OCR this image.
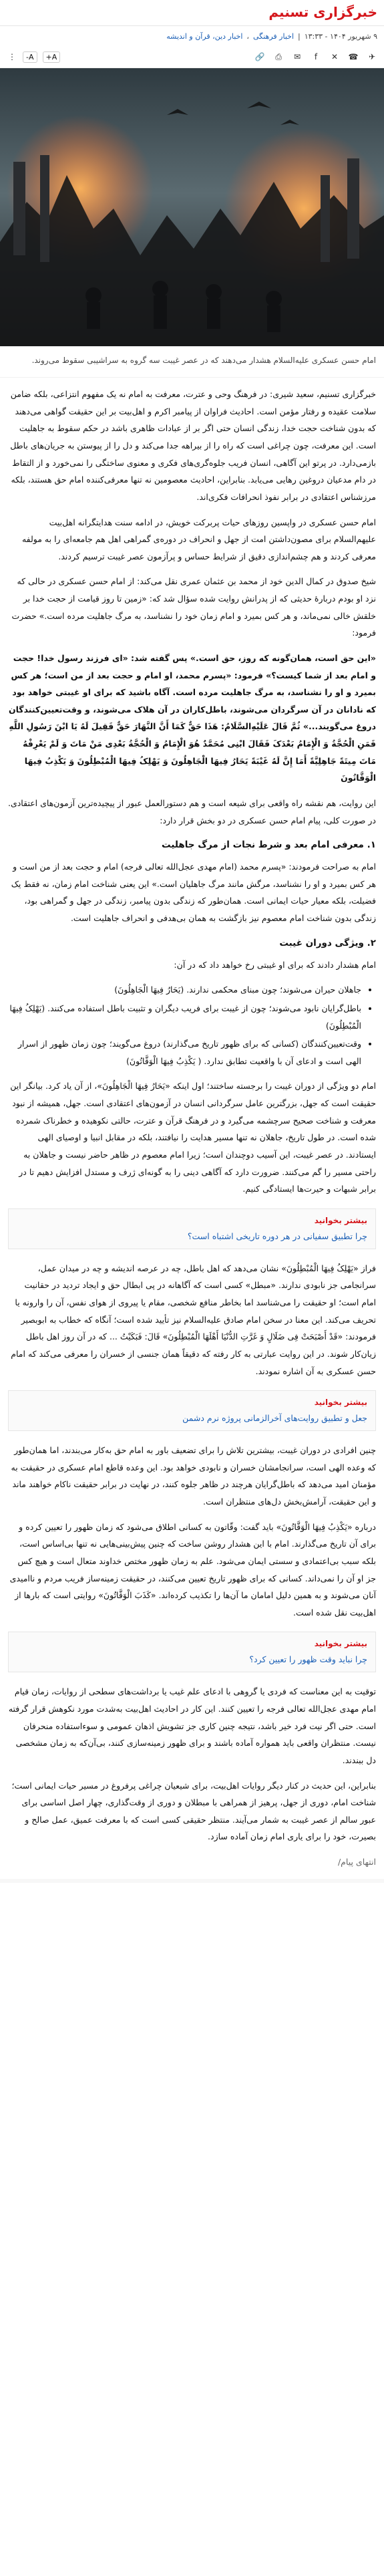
خبرگزاری تسنیم
۹ شهریور ۱۴۰۴ - ۱۳:۳۳
|
اخبار فرهنگی
،
اخبار دین، قرآن و اندیشه
✈
☎
✕
f
✉
⎙
🔗
A+
A-
⋮
امام حسن عسکری علیه‌السلام هشدار می‌دهند که در عصر غیبت سه گروه به سراشیبی سقوط می‌روند.

خبرگزاری تسنیم، سعید شیری: در فرهنگ وحی و عترت، معرفت به امام نه یک مفهوم انتزاعی، بلکه ضامن سلامت عقیده و رفتار مؤمن است. احادیث فراوان از پیامبر اکرم و اهل‌بیت بر این حقیقت گواهی می‌دهند که بدون شناخت حجت خدا، زندگی انسان حتی اگر بر از عبادات ظاهری باشد در حکم سقوط به جاهلیت است. این معرفت، چون چراغی است که راه را از بیراهه جدا می‌کند و دل را از پیوستن به جریان‌های باطل بازمی‌دارد. در پرتو این آگاهی، انسان فریب جلوه‌گری‌های فکری و معنوی ساختگی را نمی‌خورد و از التقاط در دام مدعیان دروغین رهایی می‌یابد. بنابراین، احادیث معصومین نه تنها معرفی‌کننده امام حق هستند، بلکه مرزشناس اعتقادی در برابر نفوذ انحرافات فکری‌اند.

امام حسن عسکری در واپسین روزهای حیات پربرکت خویش، در ادامه سنت هدایتگرانه اهل‌بیت علیهم‌السلام برای مصون‌داشتن امت از جهل و انحراف در دوره‌ی گمراهی اهل هم جامعه‌ای را به مولفه معرفی کردند و هم چشم‌اندازی دقیق از شرایط حساس و پرآزمون عصر غیبت ترسیم کردند.

شیخ صدوق در کمال الدین خود از محمد بن عثمان عمری نقل می‌کند: از امام حسن عسکری در حالی که نزد او بودم دربارهٔ حدیثی که از پدرانش روایت شده سؤال شد که: «زمین تا روز قیامت از حجت خدا بر خلقش خالی نمی‌ماند، و هر کس بمیرد و امام زمان خود را نشناسد، به مرگ جاهلیت مرده است.» حضرت فرمود:

«این حق است، همان‌گونه که روز، حق است.» پس گفته شد: «ای فرزند رسول خدا! حجت و امام بعد از شما کیست؟» فرمود: «پسرم محمد، او امام و حجت بعد از من است؛ هر کس بمیرد و او را نشناسد، به مرگ جاهلیت مرده است. آگاه باشید که برای او غیبتی خواهد بود که نادانان در آن سرگردان می‌شوند، باطل‌کاران در آن هلاک می‌شوند، و وقت‌تعیین‌کنندگان دروغ می‌گویند...» ثُمَّ قَالَ عَلَیْهِ‌السَّلَامُ: هَذَا حَقٌّ کَمَا أَنَّ النَّهَارَ حَقٌّ فَقِیلَ لَهُ یَا ابْنَ رَسُولِ اللَّهِ فَمَنِ الْحُجَّةُ وَ الْإِمَامُ بَعْدَکَ فَقَالَ ابْنِی مُحَمَّدٌ هُوَ الْإِمَامُ وَ الْحُجَّةُ بَعْدِی مَنْ مَاتَ وَ لَمْ یَعْرِفْهُ مَاتَ مِیتَةً جَاهِلِیَّةً أَمَا إِنَّ لَهُ غَیْبَةً یَحَارُ فِیهَا الْجَاهِلُونَ وَ یَهْلِکُ فِیهَا الْمُبْطِلُونَ وَ یَکْذِبُ فِیهَا الْوَقَّاتُونَ

این روایت، هم نقشه راه واقعی برای شیعه است و هم دستورالعمل عبور از پیچیده‌ترین آزمون‌های اعتقادی. در صورت کلی، پیام امام حسن عسکری در دو بخش قرار دارد:

۱. معرفی امام بعد و شرط نجات از مرگ جاهلیت

امام به صراحت فرمودند: «پسرم محمد (امام مهدی عجل‌الله تعالی فرجه) امام و حجت بعد از من است و هر کس بمیرد و او را نشناسد، مرگش مانند مرگ جاهلیان است.» این یعنی شناخت امام زمان، نه فقط یک فضیلت، بلکه معیار حیات ایمانی است. همان‌طور که زندگی بدون پیامبر، زندگی در جهل و گمراهی بود، زندگی بدون شناخت امام معصوم نیز بازگشت به همان بی‌هدفی و انحراف جاهلیت است.

۲. ویژگی دوران غیبت

امام هشدار دادند که برای او غیبتی رخ خواهد داد که در آن:

• جاهلان حیران می‌شوند؛ چون مبنای محکمی ندارند. (یَحَارُ فِیهَا الْجَاهِلُونَ)
• باطل‌گرایان نابود می‌شوند؛ چون از غیبت برای فریب دیگران و تثبیت باطل استفاده می‌کنند. (یَهْلِکُ فِیهَا الْمُبْطِلُونَ)
• وقت‌تعیین‌کنندگان (کسانی که برای ظهور تاریخ می‌گذارند) دروغ می‌گویند؛ چون زمان ظهور از اسرار الهی است و ادعای آن با واقعیت تطابق ندارد. ( یَکْذِبُ فِیهَا الْوَقَّاتُونَ)

امام دو ویژگی از دوران غیبت را برجسته ساختند؛ اول اینکه «یَحَارُ فِیهَا الْجَاهِلُونَ»، از آن یاد کرد. بیانگر این حقیقت است که جهل، بزرگترین عامل سرگردانی انسان در آزمون‌های اعتقادی است. جهل، همیشه از نبود معرفت و شناخت صحیح سرچشمه می‌گیرد و در فرهنگ قرآن و عترت، حالتی نکوهیده و خطرناک شمرده شده است. در طول تاریخ، جاهلان نه تنها مسیر هدایت را نیافتند، بلکه در مقابل انبیا و اوصیای الهی ایستادند. در عصر غیبت، این آسیب دوچندان است؛ زیرا امام معصوم در ظاهر حاضر نیست و جاهلان به راحتی مسیر را گم می‌کنند. ضرورت دارد که آگاهی دینی را به گونه‌ای ژرف و مستدل افزایش دهیم تا در برابر شبهات و حیرت‌ها ایستادگی کنیم.

بیشتر بخوانید
چرا تطبیق سفیانی در هر دوره تاریخی اشتباه است؟

فراز «یَهْلِکُ فِیهَا الْمُبْطِلُونَ» نشان می‌دهد که اهل باطل، چه در عرصه اندیشه و چه در میدان عمل، سرانجامی جز نابودی ندارند. «مبطل» کسی است که آگاهانه در پی ابطال حق و ایجاد تردید در حقانیت امام است؛ او حقیقت را می‌شناسد اما بخاطر منافع شخصی، مقام یا پیروی از هوای نفس، آن را وارونه یا تحریف می‌کند. این معنا در سخن امام صادق علیه‌السلام نیز تأیید شده است؛ آنگاه که خطاب به ابوبصیر فرمودند: «قَدْ أَصْبَحَتْ فِی ضَلَالٍ وَ غَرَّتِ الدُّنْیَا أَهْلَهَا الْمُبْطِلُونَ» قَالَ: فَبَکَیْتُ ... که در آن روز اهل باطل زیان‌کار شوند. در این روایت عبارتی به کار رفته که دقیقاً همان جنسی از خسران را معرفی می‌کند که امام حسن عسکری به آن اشاره نمودند.

بیشتر بخوانید
جعل و تطبیق روایت‌های آخرالزمانی پروژه نرم دشمن

چنین افرادی در دوران غیبت، بیشترین تلاش را برای تضعیف باور به امام حق به‌کار می‌بندند، اما همان‌طور که وعده الهی است، سرانجامشان خسران و نابودی خواهد بود. این وعده قاطع امام عسکری در حقیقت به مؤمنان امید می‌دهد که باطل‌گرایان هرچند در ظاهر جلوه کنند، در نهایت در برابر حقیقت ناکام خواهند ماند و این حقیقت، آرامش‌بخش دل‌های منتظران است.

درباره «یَکْذِبُ فِیهَا الْوَقَّاتُونَ» باید گفت: وقّاتون به کسانی اطلاق می‌شود که زمان ظهور را تعیین کرده و برای آن تاریخ می‌گذارند. امام با این هشدار روشن ساخت که چنین پیش‌بینی‌هایی نه تنها بی‌اساس است، بلکه سبب بی‌اعتمادی و سستی ایمان می‌شود. علم به زمان ظهور مختص خداوند متعال است و هیچ کس جز او آن را نمی‌داند. کسانی که برای ظهور تاریخ تعیین می‌کنند، در حقیقت زمینه‌ساز فریب مردم و ناامیدی آنان می‌شوند و به همین دلیل امامان ما آن‌ها را تکذیب کرده‌اند. «کَذَبَ الْوَقَّاتُونَ» روایتی است که بارها از اهل‌بیت نقل شده است.

بیشتر بخوانید
چرا نباید وقت ظهور را تعیین کرد؟

توقیت به این معناست که فردی یا گروهی با ادعای علم غیب یا برداشت‌های سطحی از روایات، زمان قیام امام مهدی عجل‌الله تعالی فرجه را تعیین کنند. این کار در احادیث اهل‌بیت به‌شدت مورد نکوهش قرار گرفته است. حتی اگر نیت فرد خیر باشد، نتیجه چنین کاری جز تشویش اذهان عمومی و سوءاستفاده منحرفان نیست. منتظران واقعی باید همواره آماده باشند و برای ظهور زمینه‌سازی کنند، بی‌آن‌که به زمان مشخصی دل ببندند.

بنابراین، این حدیث در کنار دیگر روایات اهل‌بیت، برای شیعیان چراغی پرفروغ در مسیر حیات ایمانی است؛ شناخت امام، دوری از جهل، پرهیز از همراهی با مبطلان و دوری از وقت‌گذاری، چهار اصل اساسی برای عبور سالم از عصر غیبت به شمار می‌آیند. منتظر حقیقی کسی است که با معرفت عمیق، عمل صالح و بصیرت، خود را برای یاری امام زمان آماده سازد.

انتهای پیام/
